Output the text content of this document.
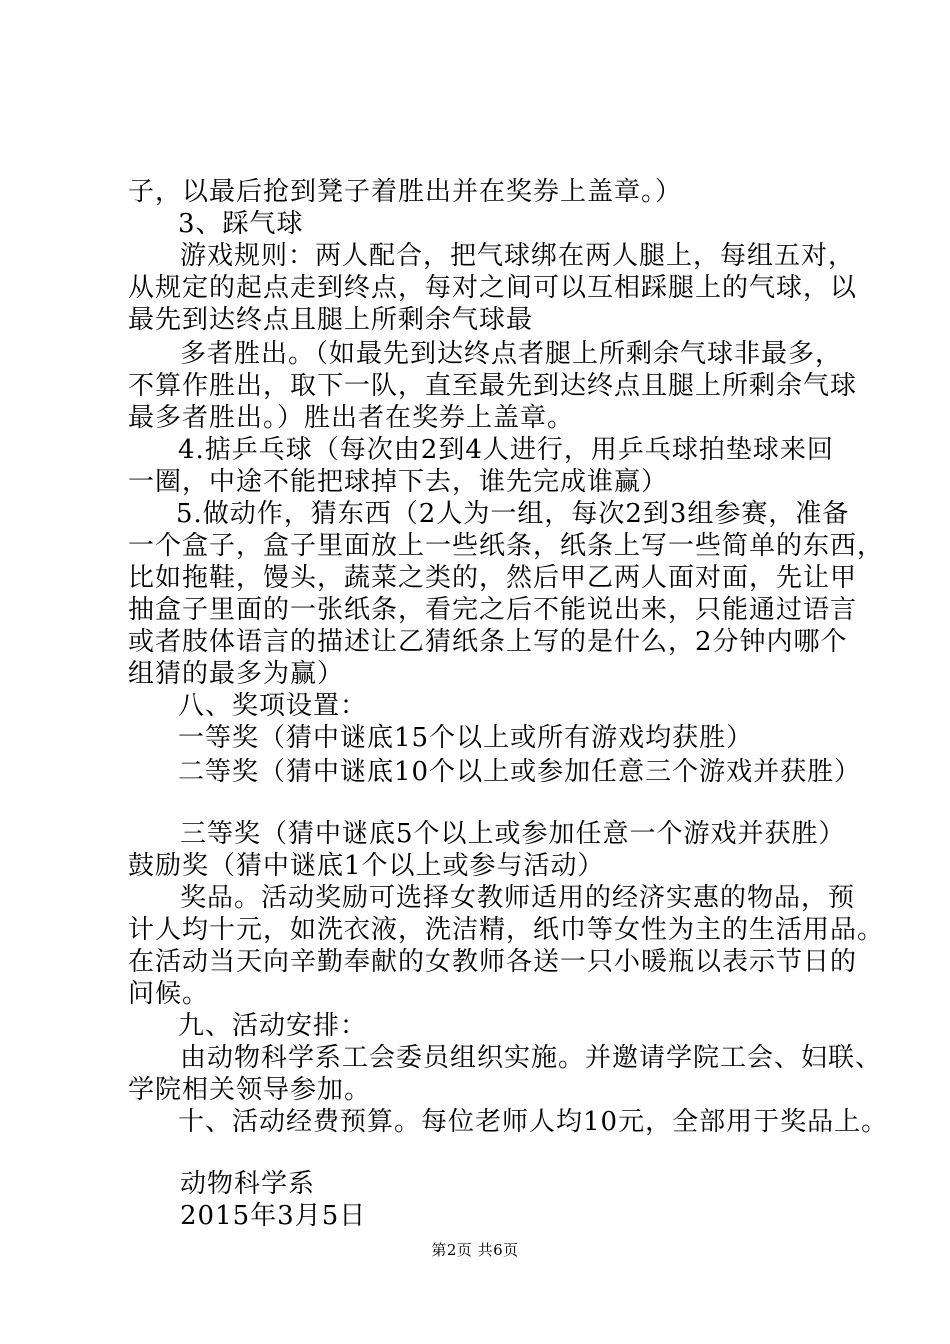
子，以最后抢到凳子着胜出并在奖券上盖章。）
3、踩气球
游戏规则：两人配合，把气球绑在两人腿上，每组五对，
从规定的起点走到终点，每对之间可以互相踩腿上的气球，以
最先到达终点且腿上所剩余气球最
多者胜出。（如最先到达终点者腿上所剩余气球非最多，
不算作胜出，取下一队，直至最先到达终点且腿上所剩余气球
最多者胜出。）胜出者在奖券上盖章。
4.掂乒乓球（每次由2到4人进行，用乒乓球拍垫球来回
一圈，中途不能把球掉下去，谁先完成谁赢）
5.做动作，猜东西（2人为一组，每次2到3组参赛，准备
一个盒子，盒子里面放上一些纸条，纸条上写一些简单的东西，
比如拖鞋，馒头，蔬菜之类的，然后甲乙两人面对面，先让甲
抽盒子里面的一张纸条，看完之后不能说出来，只能通过语言
或者肢体语言的描述让乙猜纸条上写的是什么，2分钟内哪个
组猜的最多为赢）
八、奖项设置：
一等奖（猜中谜底15个以上或所有游戏均获胜）
二等奖（猜中谜底10个以上或参加任意三个游戏并获胜）
三等奖（猜中谜底5个以上或参加任意一个游戏并获胜）
鼓励奖（猜中谜底1个以上或参与活动）
奖品。活动奖励可选择女教师适用的经济实惠的物品，预
计人均十元，如洗衣液，洗洁精，纸巾等女性为主的生活用品。
在活动当天向辛勤奉献的女教师各送一只小暖瓶以表示节日的
问候。
九、活动安排：
由动物科学系工会委员组织实施。并邀请学院工会、妇联、
学院相关领导参加。
十、活动经费预算。每位老师人均10元，全部用于奖品上。
动物科学系
2015年3月5日
第2页 共6页
